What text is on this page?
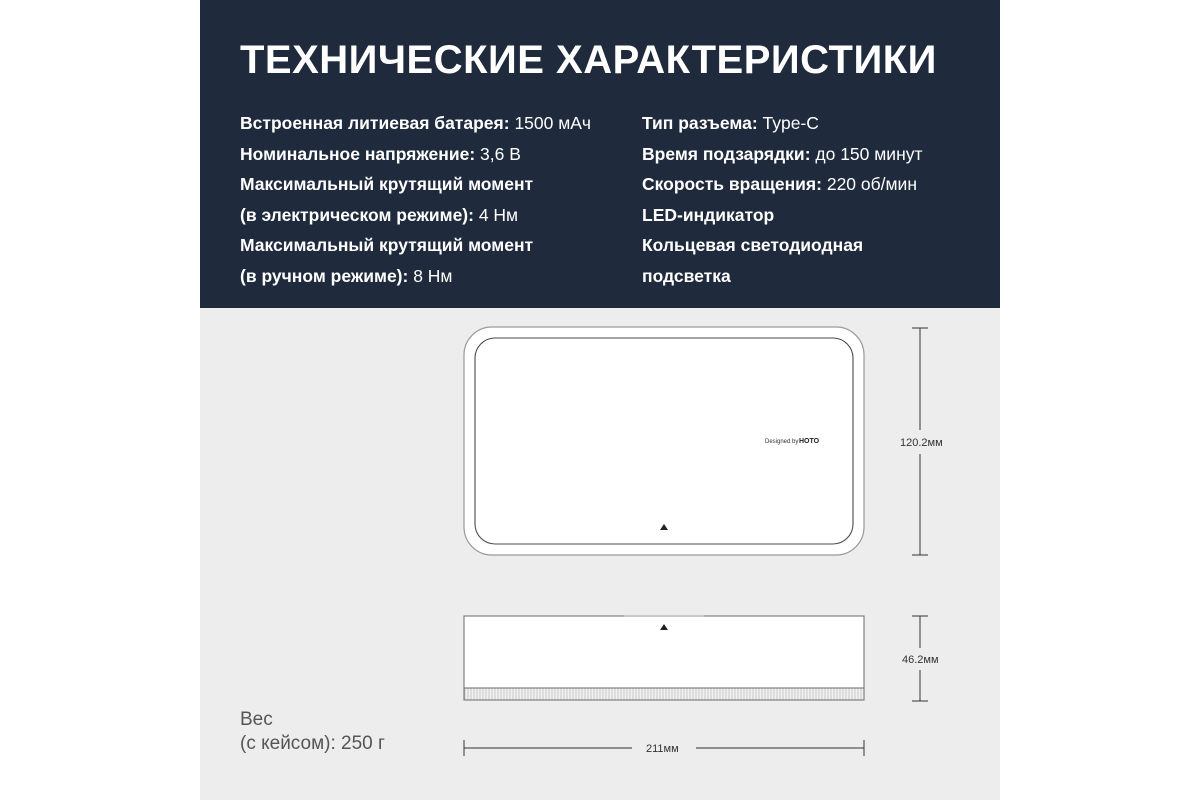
ТЕХНИЧЕСКИЕ ХАРАКТЕРИСТИКИ
Встроенная литиевая батарея: 1500 мАч
Номинальное напряжение: 3,6 В
Максимальный крутящий момент
(в электрическом режиме): 4 Нм
Максимальный крутящий момент
(в ручном режиме): 8 Нм
Тип разъема: Type-C
Время подзарядки: до 150 минут
Скорость вращения: 220 об/мин
LED-индикатор
Кольцевая светодиодная
подсветка
Designed by HOTO	120.2мм
46.2мм
211мм
Вес
(с кейсом): 250 г
